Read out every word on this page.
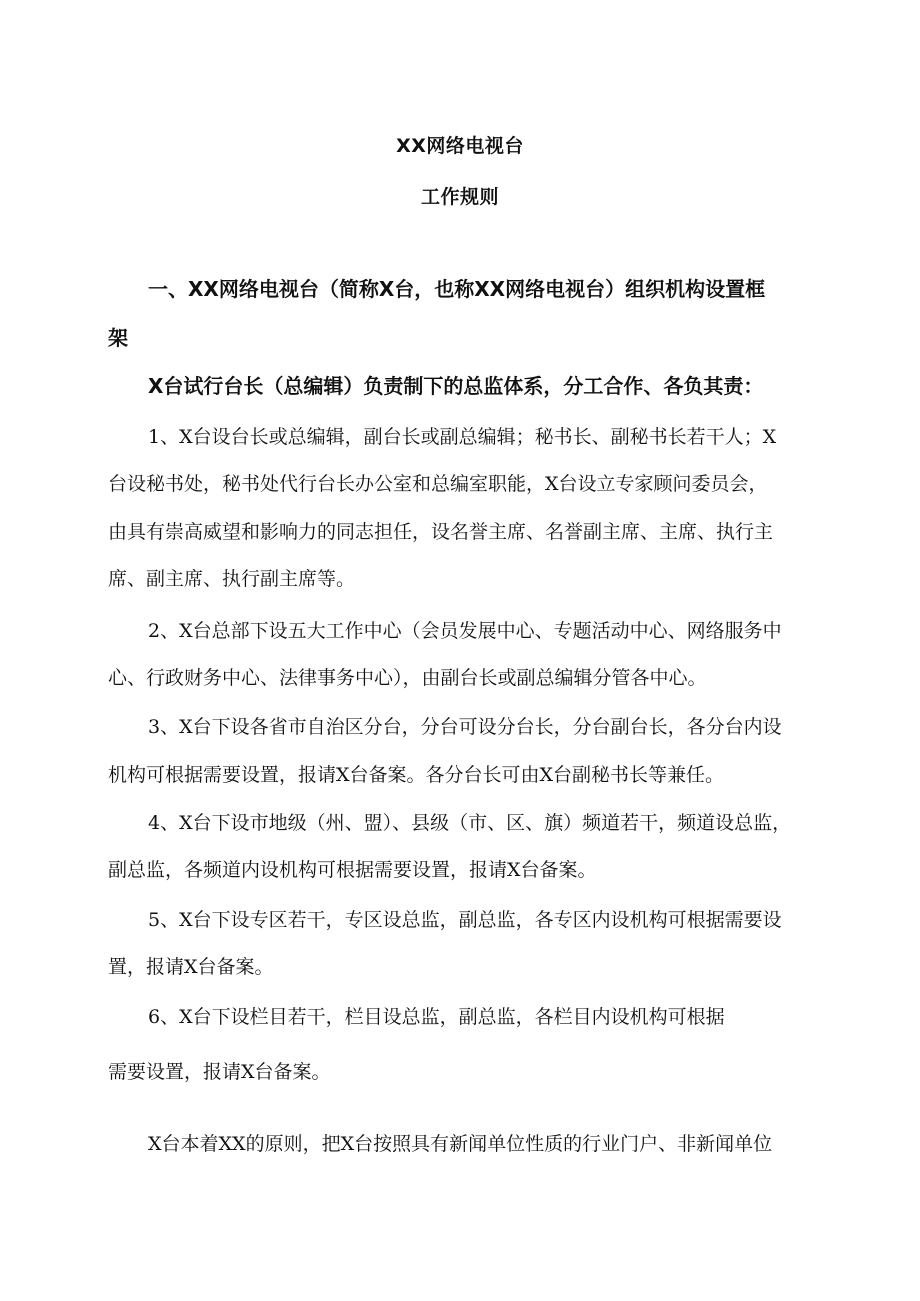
XX网络电视台
工作规则
一、XX网络电视台（简称X台，也称XX网络电视台）组织机构设置框
架
X台试行台长（总编辑）负责制下的总监体系，分工合作、各负其责：
1、X台设台长或总编辑，副台长或副总编辑；秘书长、副秘书长若干人；X
台设秘书处，秘书处代行台长办公室和总编室职能，X台设立专家顾问委员会，
由具有崇高威望和影响力的同志担任，设名誉主席、名誉副主席、主席、执行主
席、副主席、执行副主席等。
2、X台总部下设五大工作中心（会员发展中心、专题活动中心、网络服务中
心、行政财务中心、法律事务中心），由副台长或副总编辑分管各中心。
3、X台下设各省市自治区分台，分台可设分台长，分台副台长，各分台内设
机构可根据需要设置，报请X台备案。各分台长可由X台副秘书长等兼任。
4、X台下设市地级（州、盟）、县级（市、区、旗）频道若干，频道设总监，
副总监，各频道内设机构可根据需要设置，报请X台备案。
5、X台下设专区若干，专区设总监，副总监，各专区内设机构可根据需要设
置，报请X台备案。
6、X台下设栏目若干，栏目设总监，副总监，各栏目内设机构可根据
需要设置，报请X台备案。
X台本着XX的原则，把X台按照具有新闻单位性质的行业门户、非新闻单位
